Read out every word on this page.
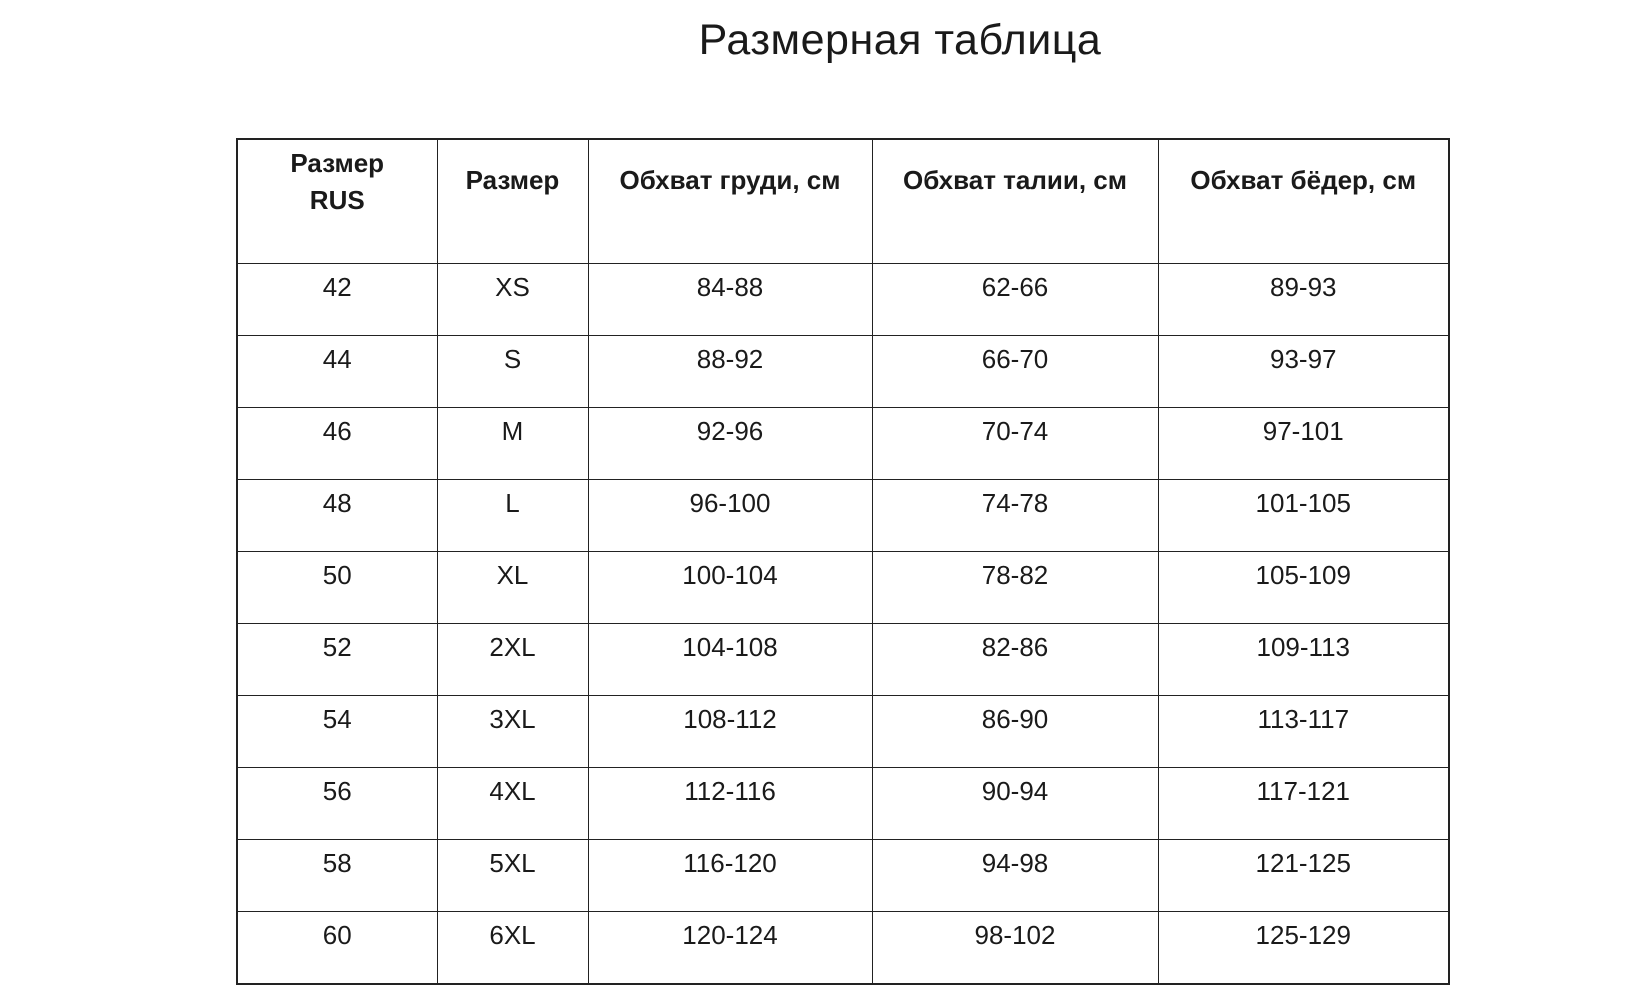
Размерная таблица
Размер
RUS	Размер	Обхват груди, см	Обхват талии, см	Обхват бёдер, см
42	XS	84-88	62-66	89-93
44	S	88-92	66-70	93-97
46	M	92-96	70-74	97-101
48	L	96-100	74-78	101-105
50	XL	100-104	78-82	105-109
52	2XL	104-108	82-86	109-113
54	3XL	108-112	86-90	113-117
56	4XL	112-116	90-94	117-121
58	5XL	116-120	94-98	121-125
60	6XL	120-124	98-102	125-129
